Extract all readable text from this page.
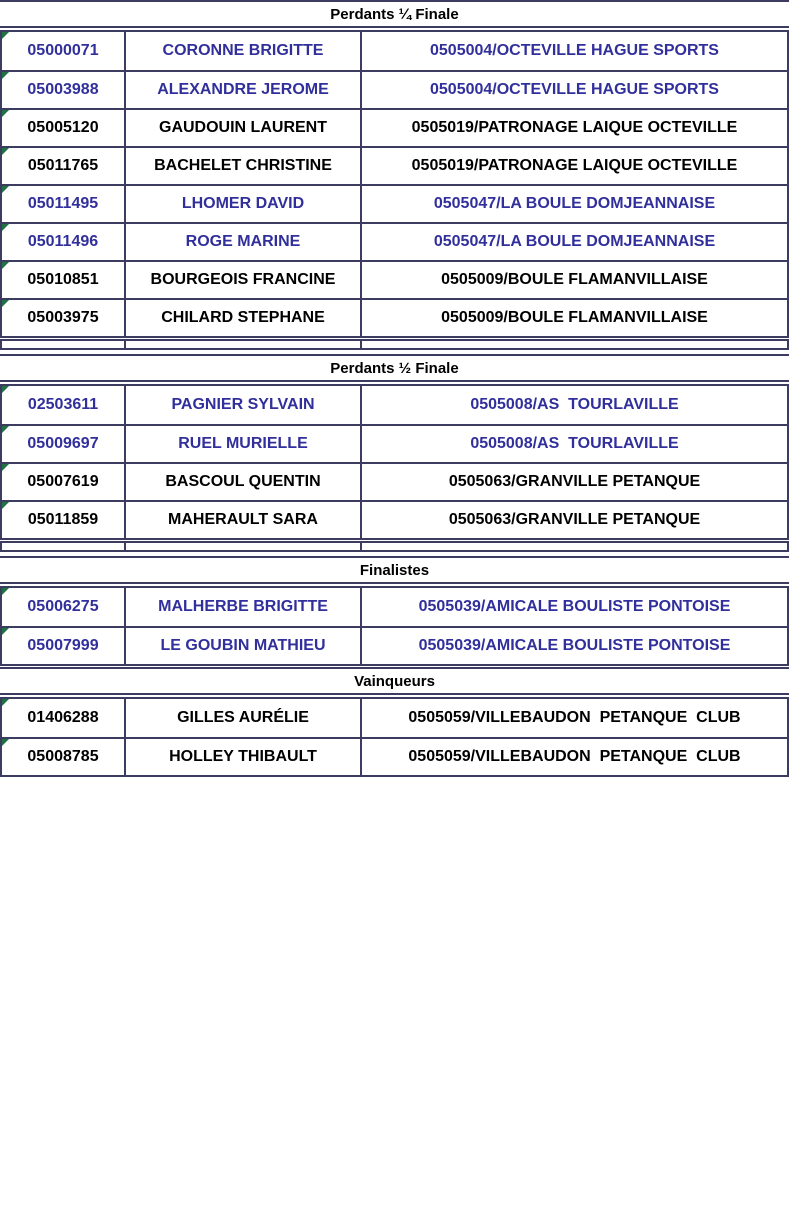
Perdants ¼ Finale
05000071	CORONNE BRIGITTE	0505004/OCTEVILLE HAGUE SPORTS
05003988	ALEXANDRE JEROME	0505004/OCTEVILLE HAGUE SPORTS
05005120	GAUDOUIN LAURENT	0505019/PATRONAGE LAIQUE OCTEVILLE
05011765	BACHELET CHRISTINE	0505019/PATRONAGE LAIQUE OCTEVILLE
05011495	LHOMER DAVID	0505047/LA BOULE DOMJEANNAISE
05011496	ROGE MARINE	0505047/LA BOULE DOMJEANNAISE
05010851	BOURGEOIS FRANCINE	0505009/BOULE FLAMANVILLAISE
05003975	CHILARD STEPHANE	0505009/BOULE FLAMANVILLAISE
Perdants ½ Finale
02503611	PAGNIER SYLVAIN	0505008/AS  TOURLAVILLE
05009697	RUEL MURIELLE	0505008/AS  TOURLAVILLE
05007619	BASCOUL QUENTIN	0505063/GRANVILLE PETANQUE
05011859	MAHERAULT SARA	0505063/GRANVILLE PETANQUE
Finalistes
05006275	MALHERBE BRIGITTE	0505039/AMICALE BOULISTE PONTOISE
05007999	LE GOUBIN MATHIEU	0505039/AMICALE BOULISTE PONTOISE
Vainqueurs
01406288	GILLES AURÉLIE	0505059/VILLEBAUDON  PETANQUE  CLUB
05008785	HOLLEY THIBAULT	0505059/VILLEBAUDON  PETANQUE  CLUB
